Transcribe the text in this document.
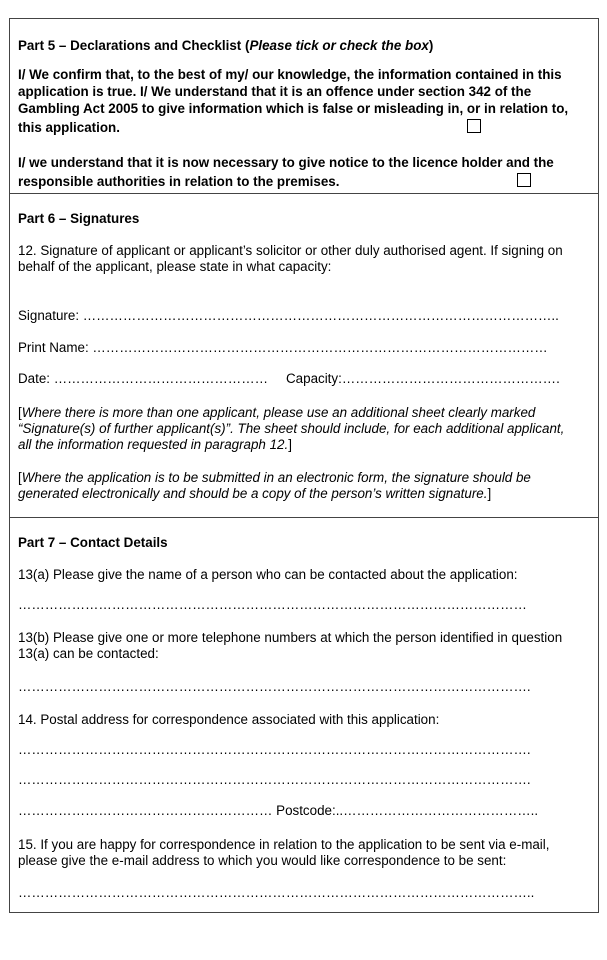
Part 5 – Declarations and Checklist (Please tick or check the box)
I/ We confirm that, to the best of my/ our knowledge, the information contained in this
application is true. I/ We understand that it is an offence under section 342 of the
Gambling Act 2005 to give information which is false or misleading in, or in relation to,
this application.
I/ we understand that it is now necessary to give notice to the licence holder and the
responsible authorities in relation to the premises.
Part 6 – Signatures
12. Signature of applicant or applicant’s solicitor or other duly authorised agent. If signing on
behalf of the applicant, please state in what capacity:
Signature: ……………………………………………………………………………………………..
Print Name: …………………………………………………………………………………………
Date: ………………………………………… Capacity:………………………………………….
[Where there is more than one applicant, please use an additional sheet clearly marked
“Signature(s) of further applicant(s)”. The sheet should include, for each additional applicant,
all the information requested in paragraph 12.]
[Where the application is to be submitted in an electronic form, the signature should be
generated electronically and should be a copy of the person’s written signature.]
Part 7 – Contact Details
13(a) Please give the name of a person who can be contacted about the application:
……………………………………………………………………………………………………
13(b) Please give one or more telephone numbers at which the person identified in question
13(a) can be contacted:
…………………………………………………………………………………………………….
14. Postal address for correspondence associated with this application:
…………………………………………………………………………………………………….
…………………………………………………………………………………………………….
………………………………………………… Postcode:..……………………………………..
15. If you are happy for correspondence in relation to the application to be sent via e-mail,
please give the e-mail address to which you would like correspondence to be sent:
……………………………………………………………………………………………………..
